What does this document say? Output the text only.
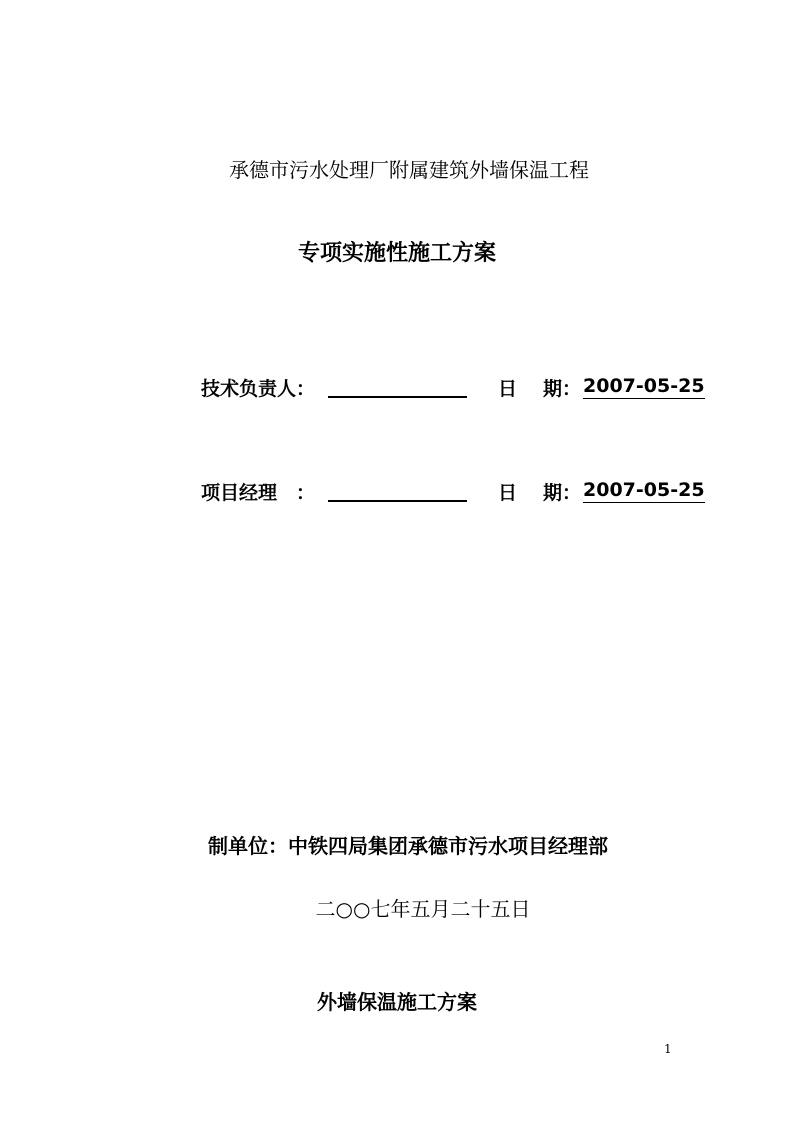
承德市污水处理厂附属建筑外墙保温工程
专项实施性施工方案
技术负责人：	日 期： 2007-05-25
项目经理　：	日 期： 2007-05-25
制单位：中铁四局集团承德市污水项目经理部
二○○七年五月二十五日
外墙保温施工方案
1
